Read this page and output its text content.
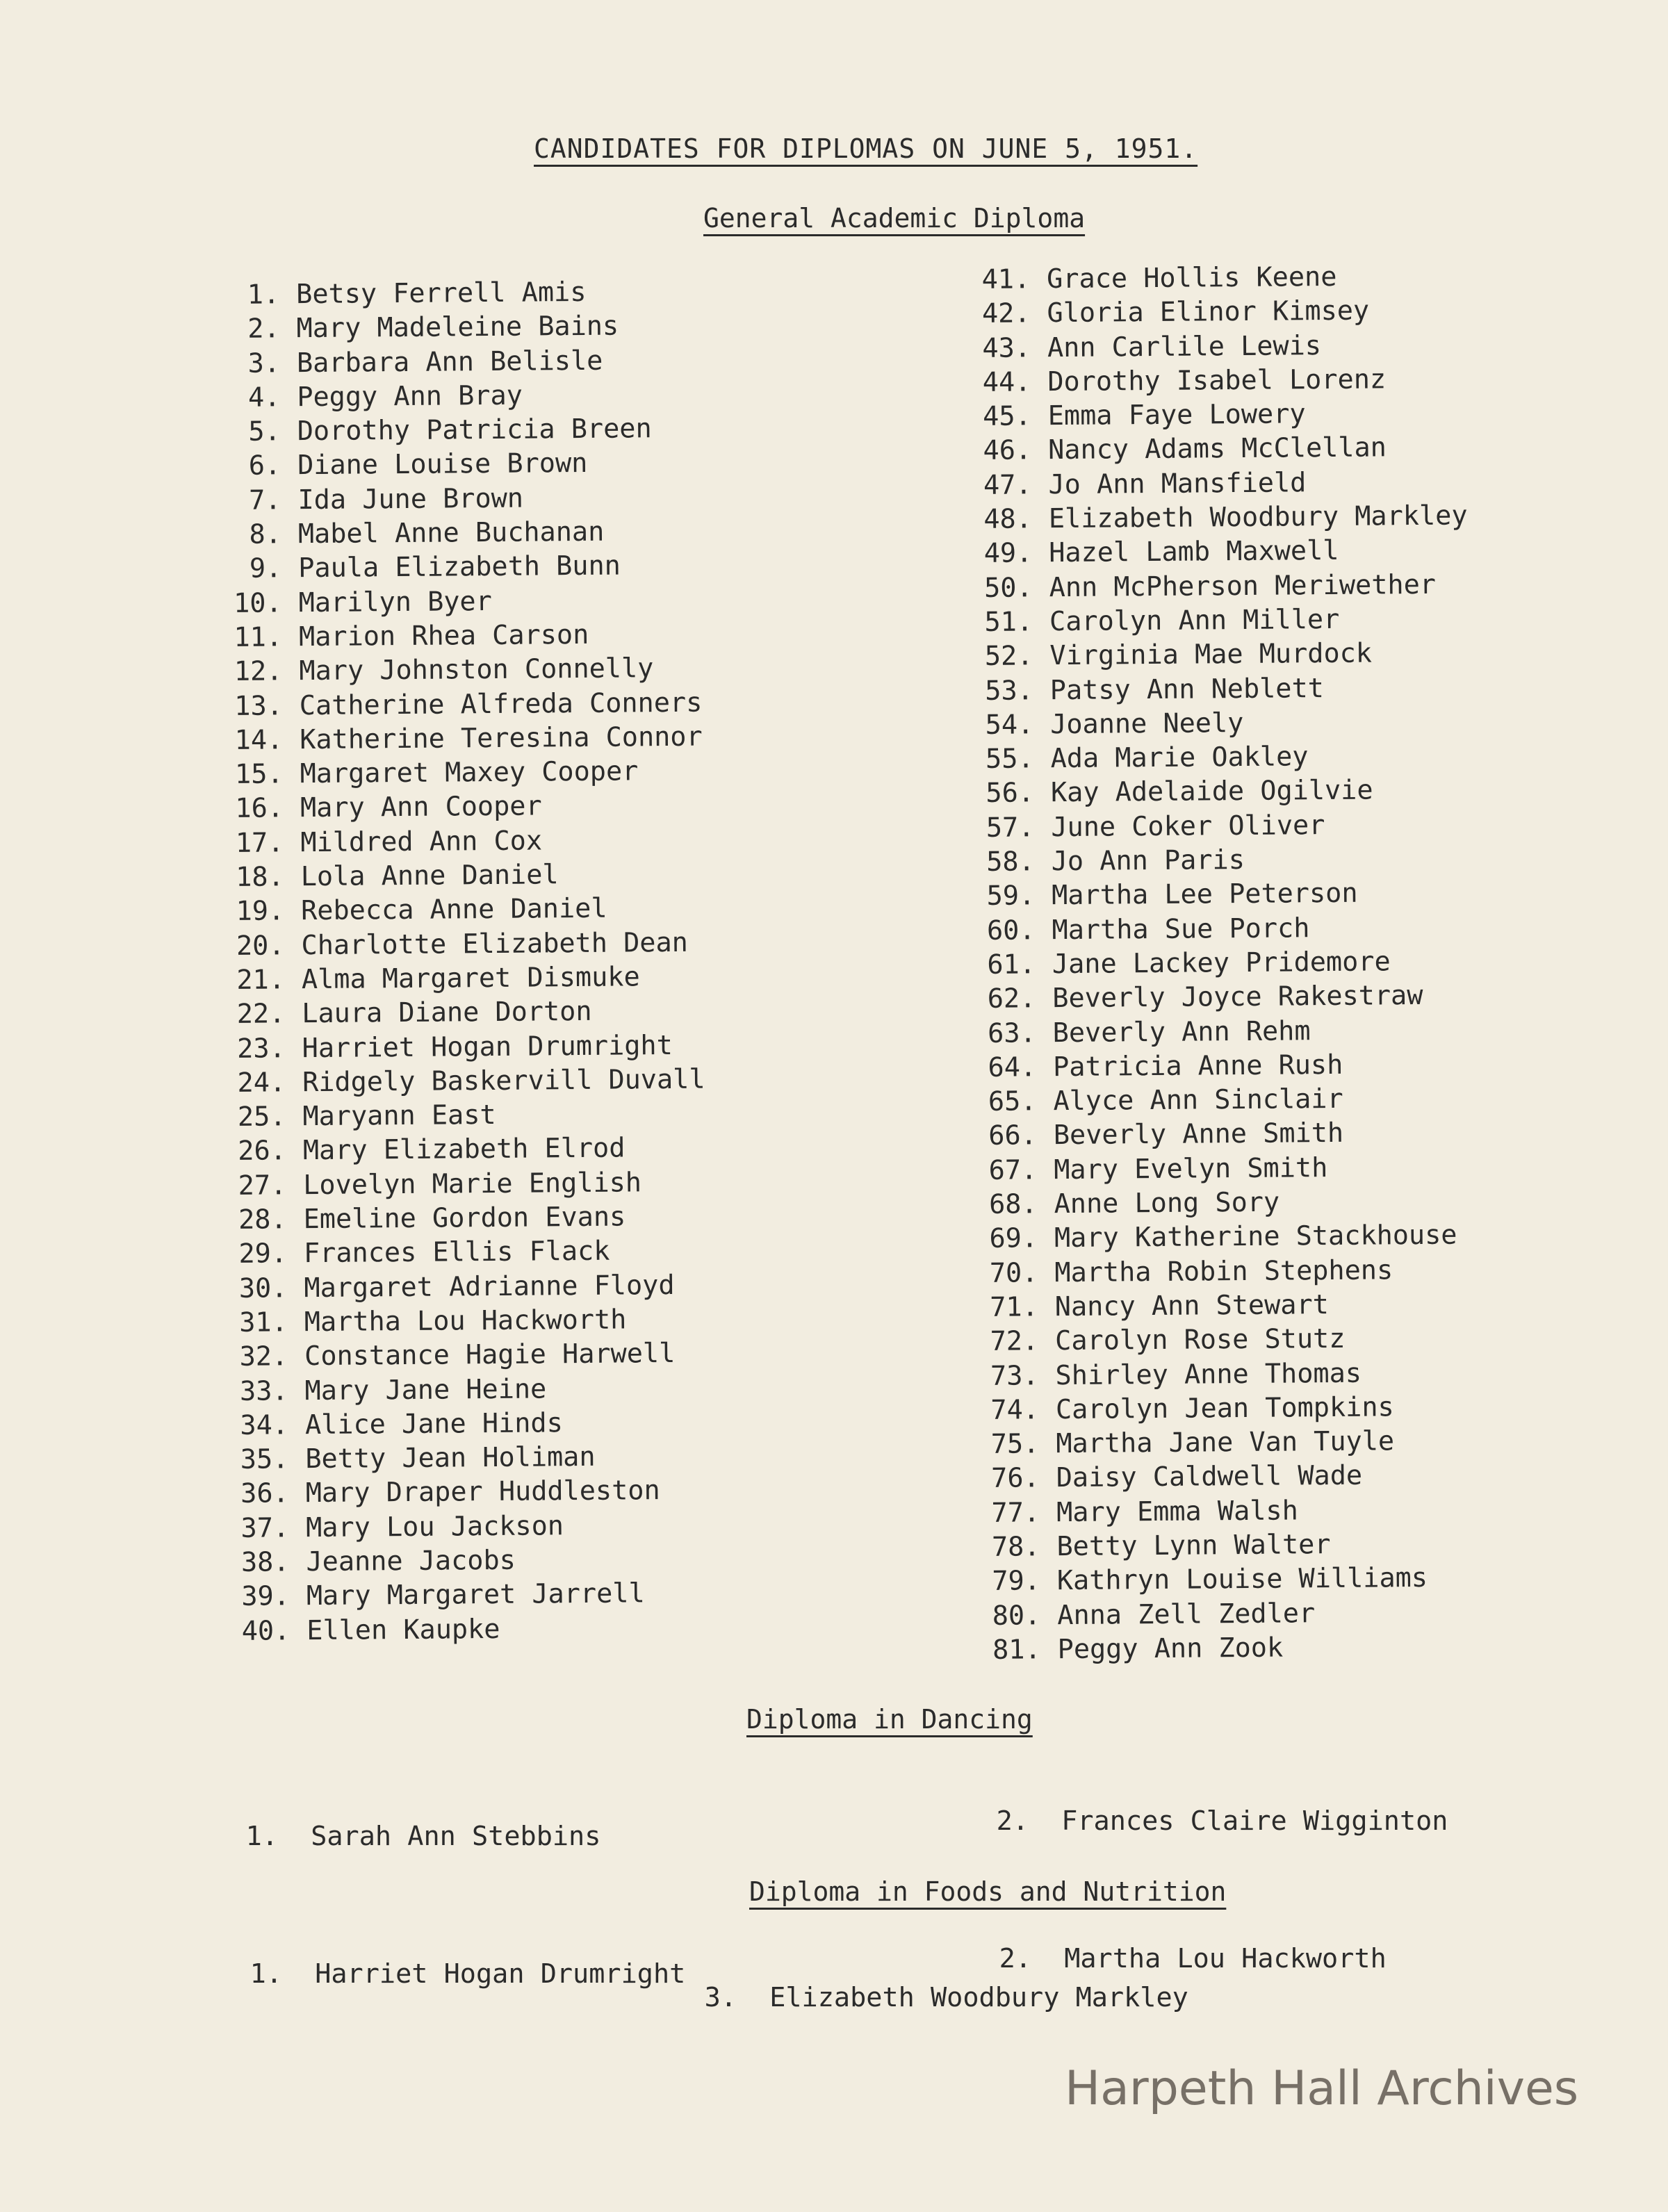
CANDIDATES FOR DIPLOMAS ON JUNE 5, 1951.
General Academic Diploma
1. Betsy Ferrell Amis
2. Mary Madeleine Bains
3. Barbara Ann Belisle
4. Peggy Ann Bray
5. Dorothy Patricia Breen
6. Diane Louise Brown
7. Ida June Brown
8. Mabel Anne Buchanan
9. Paula Elizabeth Bunn
10. Marilyn Byer
11. Marion Rhea Carson
12. Mary Johnston Connelly
13. Catherine Alfreda Conners
14. Katherine Teresina Connor
15. Margaret Maxey Cooper
16. Mary Ann Cooper
17. Mildred Ann Cox
18. Lola Anne Daniel
19. Rebecca Anne Daniel
20. Charlotte Elizabeth Dean
21. Alma Margaret Dismuke
22. Laura Diane Dorton
23. Harriet Hogan Drumright
24. Ridgely Baskervill Duvall
25. Maryann East
26. Mary Elizabeth Elrod
27. Lovelyn Marie English
28. Emeline Gordon Evans
29. Frances Ellis Flack
30. Margaret Adrianne Floyd
31. Martha Lou Hackworth
32. Constance Hagie Harwell
33. Mary Jane Heine
34. Alice Jane Hinds
35. Betty Jean Holiman
36. Mary Draper Huddleston
37. Mary Lou Jackson
38. Jeanne Jacobs
39. Mary Margaret Jarrell
40. Ellen Kaupke
41. Grace Hollis Keene
42. Gloria Elinor Kimsey
43. Ann Carlile Lewis
44. Dorothy Isabel Lorenz
45. Emma Faye Lowery
46. Nancy Adams McClellan
47. Jo Ann Mansfield
48. Elizabeth Woodbury Markley
49. Hazel Lamb Maxwell
50. Ann McPherson Meriwether
51. Carolyn Ann Miller
52. Virginia Mae Murdock
53. Patsy Ann Neblett
54. Joanne Neely
55. Ada Marie Oakley
56. Kay Adelaide Ogilvie
57. June Coker Oliver
58. Jo Ann Paris
59. Martha Lee Peterson
60. Martha Sue Porch
61. Jane Lackey Pridemore
62. Beverly Joyce Rakestraw
63. Beverly Ann Rehm
64. Patricia Anne Rush
65. Alyce Ann Sinclair
66. Beverly Anne Smith
67. Mary Evelyn Smith
68. Anne Long Sory
69. Mary Katherine Stackhouse
70. Martha Robin Stephens
71. Nancy Ann Stewart
72. Carolyn Rose Stutz
73. Shirley Anne Thomas
74. Carolyn Jean Tompkins
75. Martha Jane Van Tuyle
76. Daisy Caldwell Wade
77. Mary Emma Walsh
78. Betty Lynn Walter
79. Kathryn Louise Williams
80. Anna Zell Zedler
81. Peggy Ann Zook
Diploma in Dancing
1. Sarah Ann Stebbins	2. Frances Claire Wigginton
Diploma in Foods and Nutrition
1. Harriet Hogan Drumright	2. Martha Lou Hackworth
3. Elizabeth Woodbury Markley
Harpeth Hall Archives
